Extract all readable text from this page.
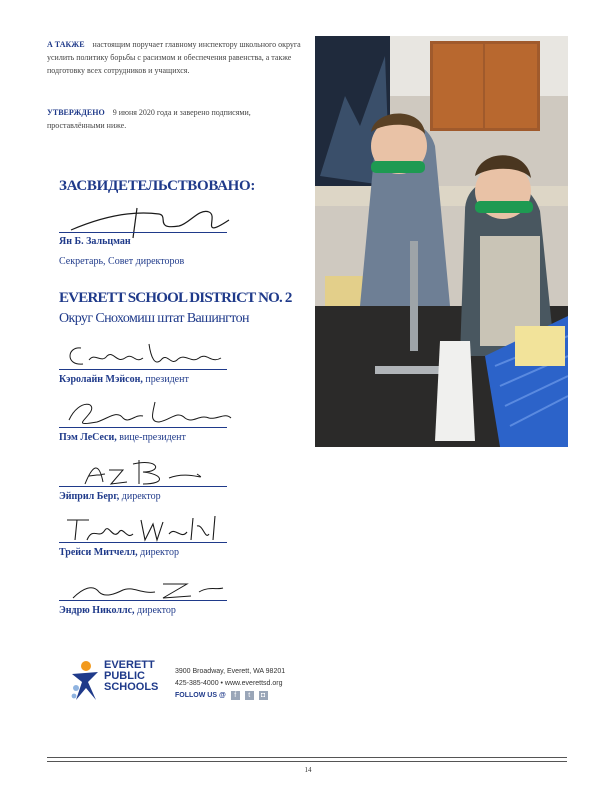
А ТАКЖЕ настоящим поручает главному инспектору школьного округа усилить политику борьбы с расизмом и обеспечения равенства, а также подготовку всех сотрудников и учащихся.
УТВЕРЖДЕНО 9 июня 2020 года и заверено подписями, проставлёнными ниже.
ЗАСВИДЕТЕЛЬСТВОВАНО:
Ян Б. Зальцман
Секретарь, Совет директоров
EVERETT SCHOOL DISTRICT NO. 2
Округ Снохомиш штат Вашингтон
Кэролайн Мэйсон, президент
Пэм ЛеСеси, вице-президент
Эйприл Берг, директор
Трейси Митчелл, директор
Эндрю Николлс, директор
EVERETT
PUBLIC
SCHOOLS
3900 Broadway, Everett, WA 98201
425-385-4000 • www.everettsd.org
FOLLOW US @ f t ◘
14
